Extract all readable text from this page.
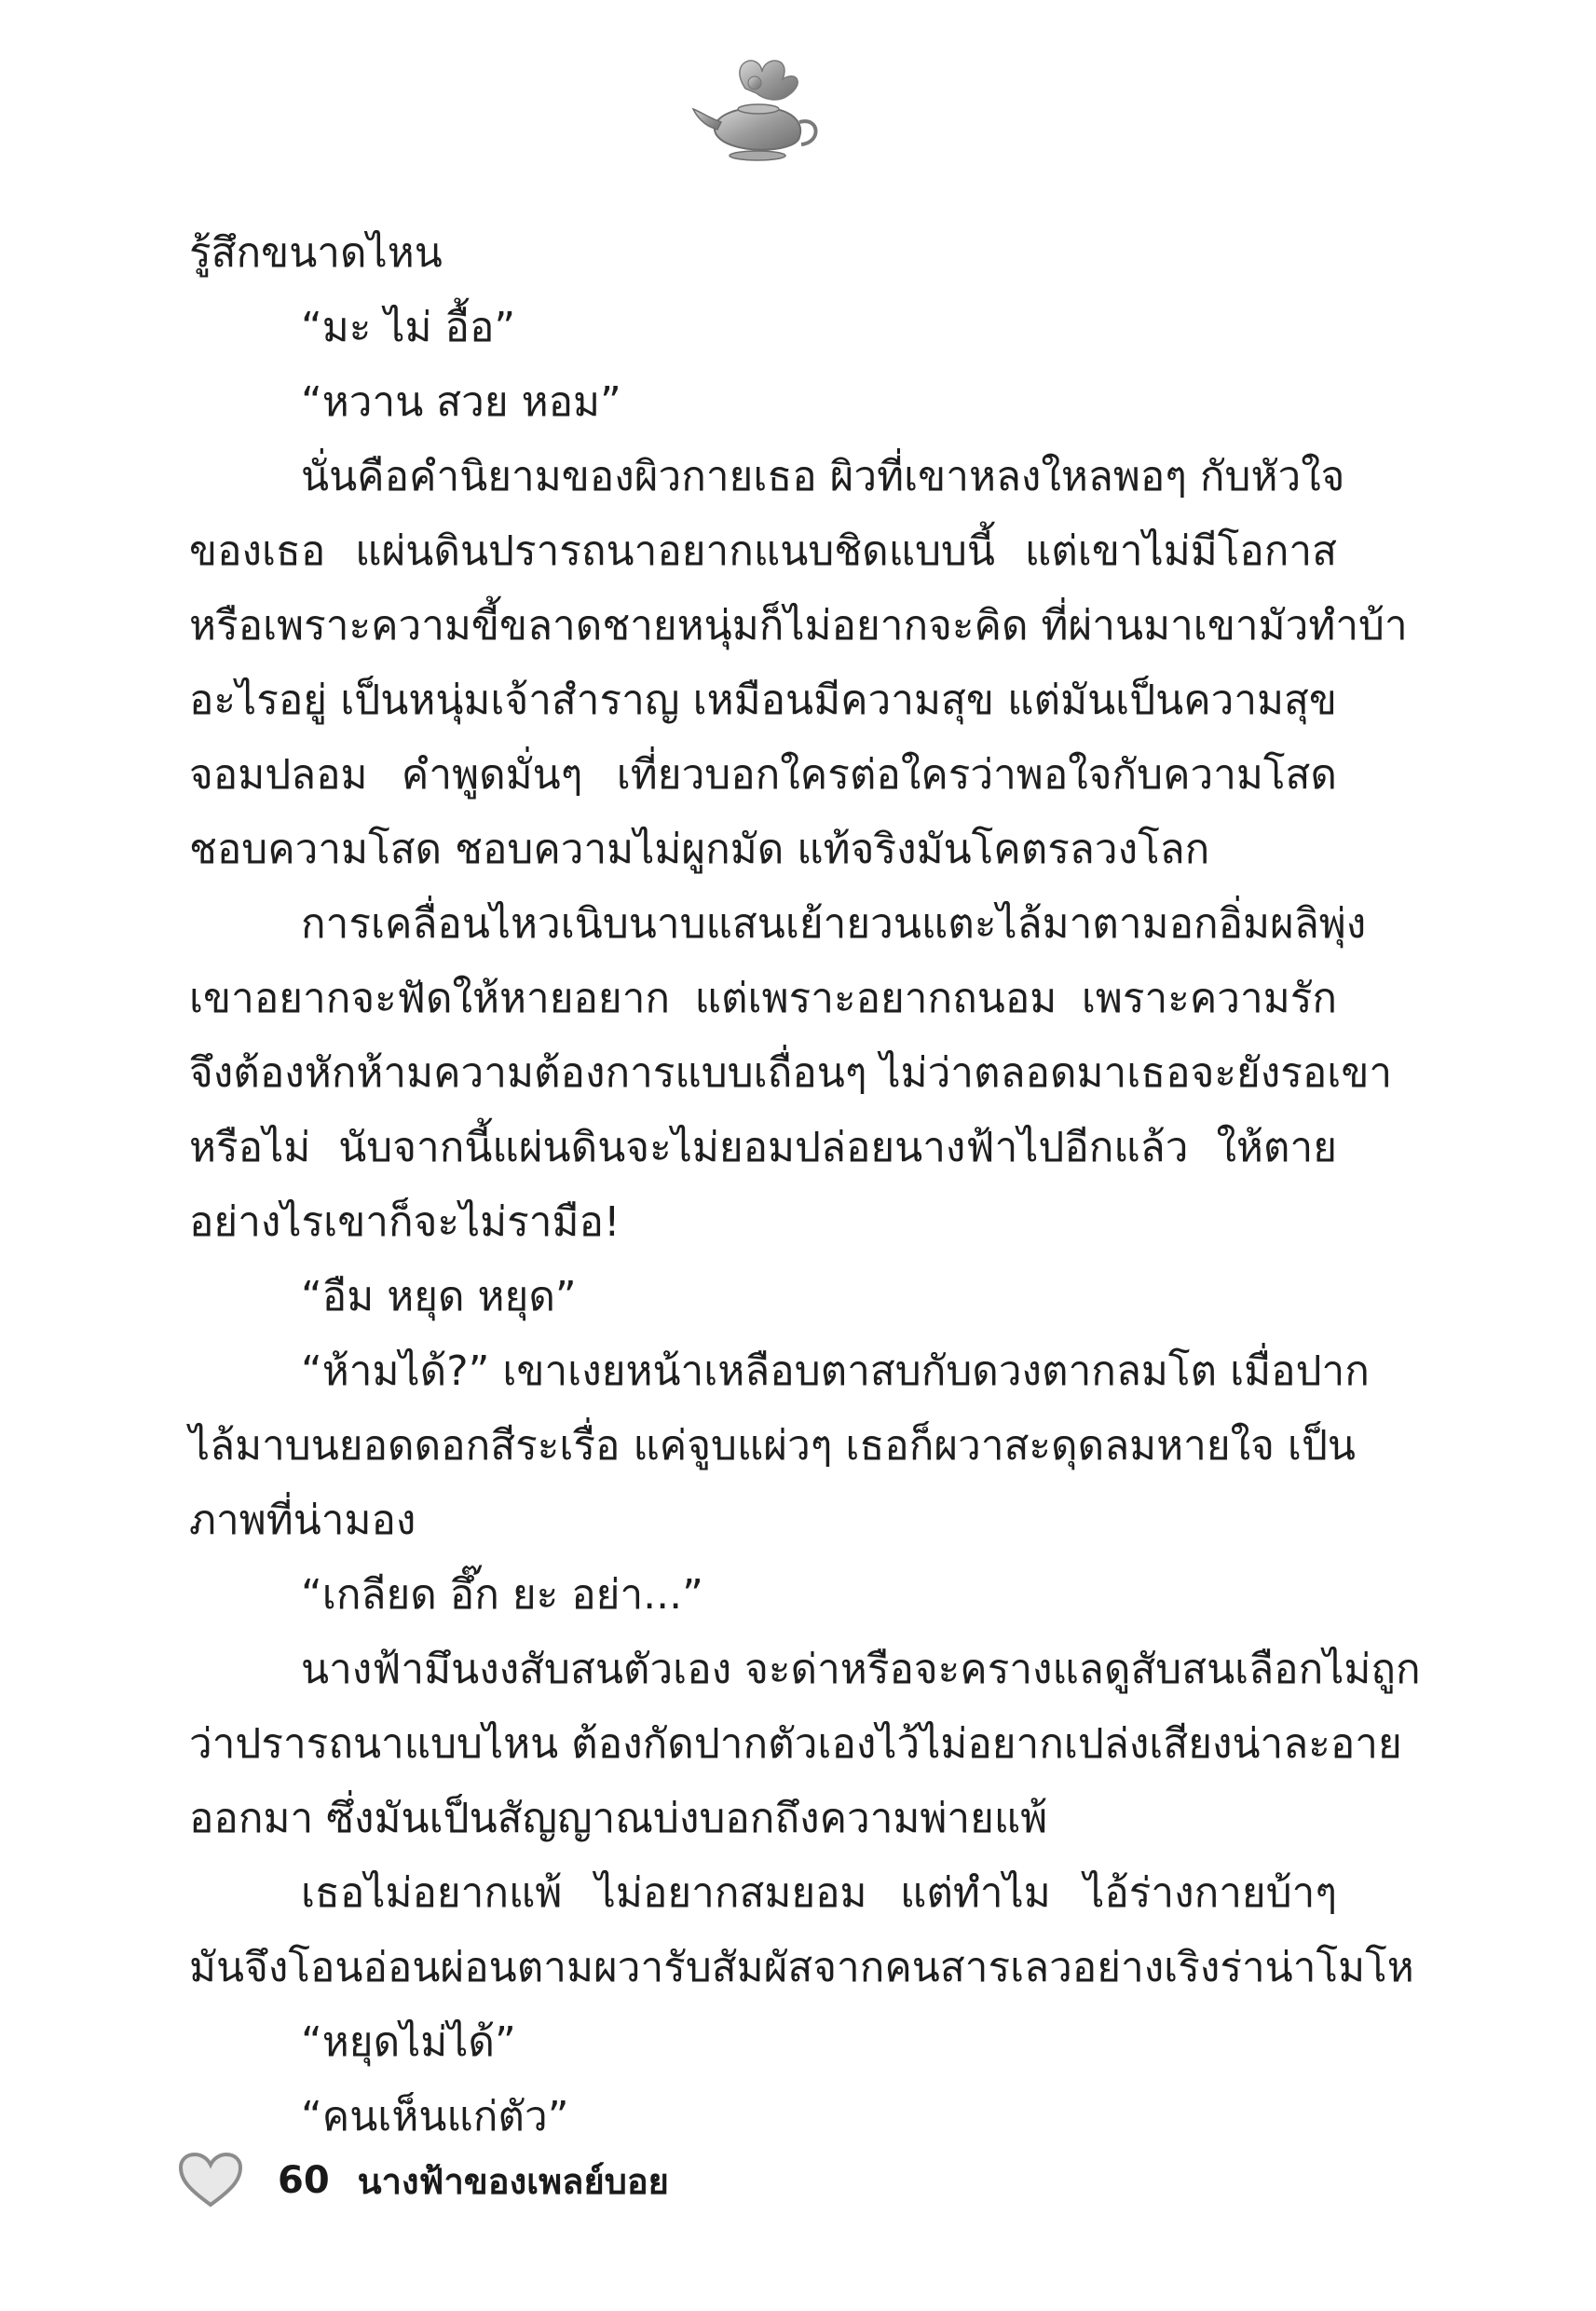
รู้สึกขนาดไหน
“มะ ไม่ อื้อ”
“หวาน สวย หอม”
นั่นคือคำนิยามของผิวกายเธอ ผิวที่เขาหลงใหลพอๆ กับหัวใจ
ของเธอ แผ่นดินปรารถนาอยากแนบชิดแบบนี้ แต่เขาไม่มีโอกาส
หรือเพราะความขี้ขลาดชายหนุ่มก็ไม่อยากจะคิด ที่ผ่านมาเขามัวทำบ้า
อะไรอยู่ เป็นหนุ่มเจ้าสำราญ เหมือนมีความสุข แต่มันเป็นความสุข
จอมปลอม คำพูดมั่นๆ เที่ยวบอกใครต่อใครว่าพอใจกับความโสด
ชอบความโสด ชอบความไม่ผูกมัด แท้จริงมันโคตรลวงโลก
การเคลื่อนไหวเนิบนาบแสนเย้ายวนแตะไล้มาตามอกอิ่มผลิพุ่ง
เขาอยากจะฟัดให้หายอยาก แต่เพราะอยากถนอม เพราะความรัก
จึงต้องหักห้ามความต้องการแบบเถื่อนๆ ไม่ว่าตลอดมาเธอจะยังรอเขา
หรือไม่ นับจากนี้แผ่นดินจะไม่ยอมปล่อยนางฟ้าไปอีกแล้ว ให้ตาย
อย่างไรเขาก็จะไม่รามือ!
“อืม หยุด หยุด”
“ห้ามได้?” เขาเงยหน้าเหลือบตาสบกับดวงตากลมโต เมื่อปาก
ไล้มาบนยอดดอกสีระเรื่อ แค่จูบแผ่วๆ เธอก็ผวาสะดุดลมหายใจ เป็น
ภาพที่น่ามอง
“เกลียด อึ๊ก ยะ อย่า...”
นางฟ้ามึนงงสับสนตัวเอง จะด่าหรือจะครางแลดูสับสนเลือกไม่ถูก
ว่าปรารถนาแบบไหน ต้องกัดปากตัวเองไว้ไม่อยากเปล่งเสียงน่าละอาย
ออกมา ซึ่งมันเป็นสัญญาณบ่งบอกถึงความพ่ายแพ้
เธอไม่อยากแพ้ ไม่อยากสมยอม แต่ทำไม ไอ้ร่างกายบ้าๆ
มันจึงโอนอ่อนผ่อนตามผวารับสัมผัสจากคนสารเลวอย่างเริงร่าน่าโมโห
“หยุดไม่ได้”
“คนเห็นแก่ตัว”
60 นางฟ้าของเพลย์บอย
